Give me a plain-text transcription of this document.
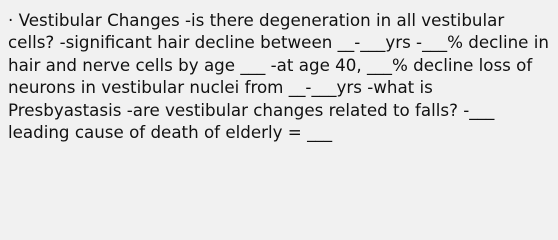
· Vestibular Changes -is there degeneration in all vestibular cells? -significant hair decline between __-___yrs -___% decline in hair and nerve cells by age ___ -at age 40, ___% decline loss of neurons in vestibular nuclei from __-___yrs -what is Presbyastasis -are vestibular changes related to falls? -___ leading cause of death of elderly = ___
